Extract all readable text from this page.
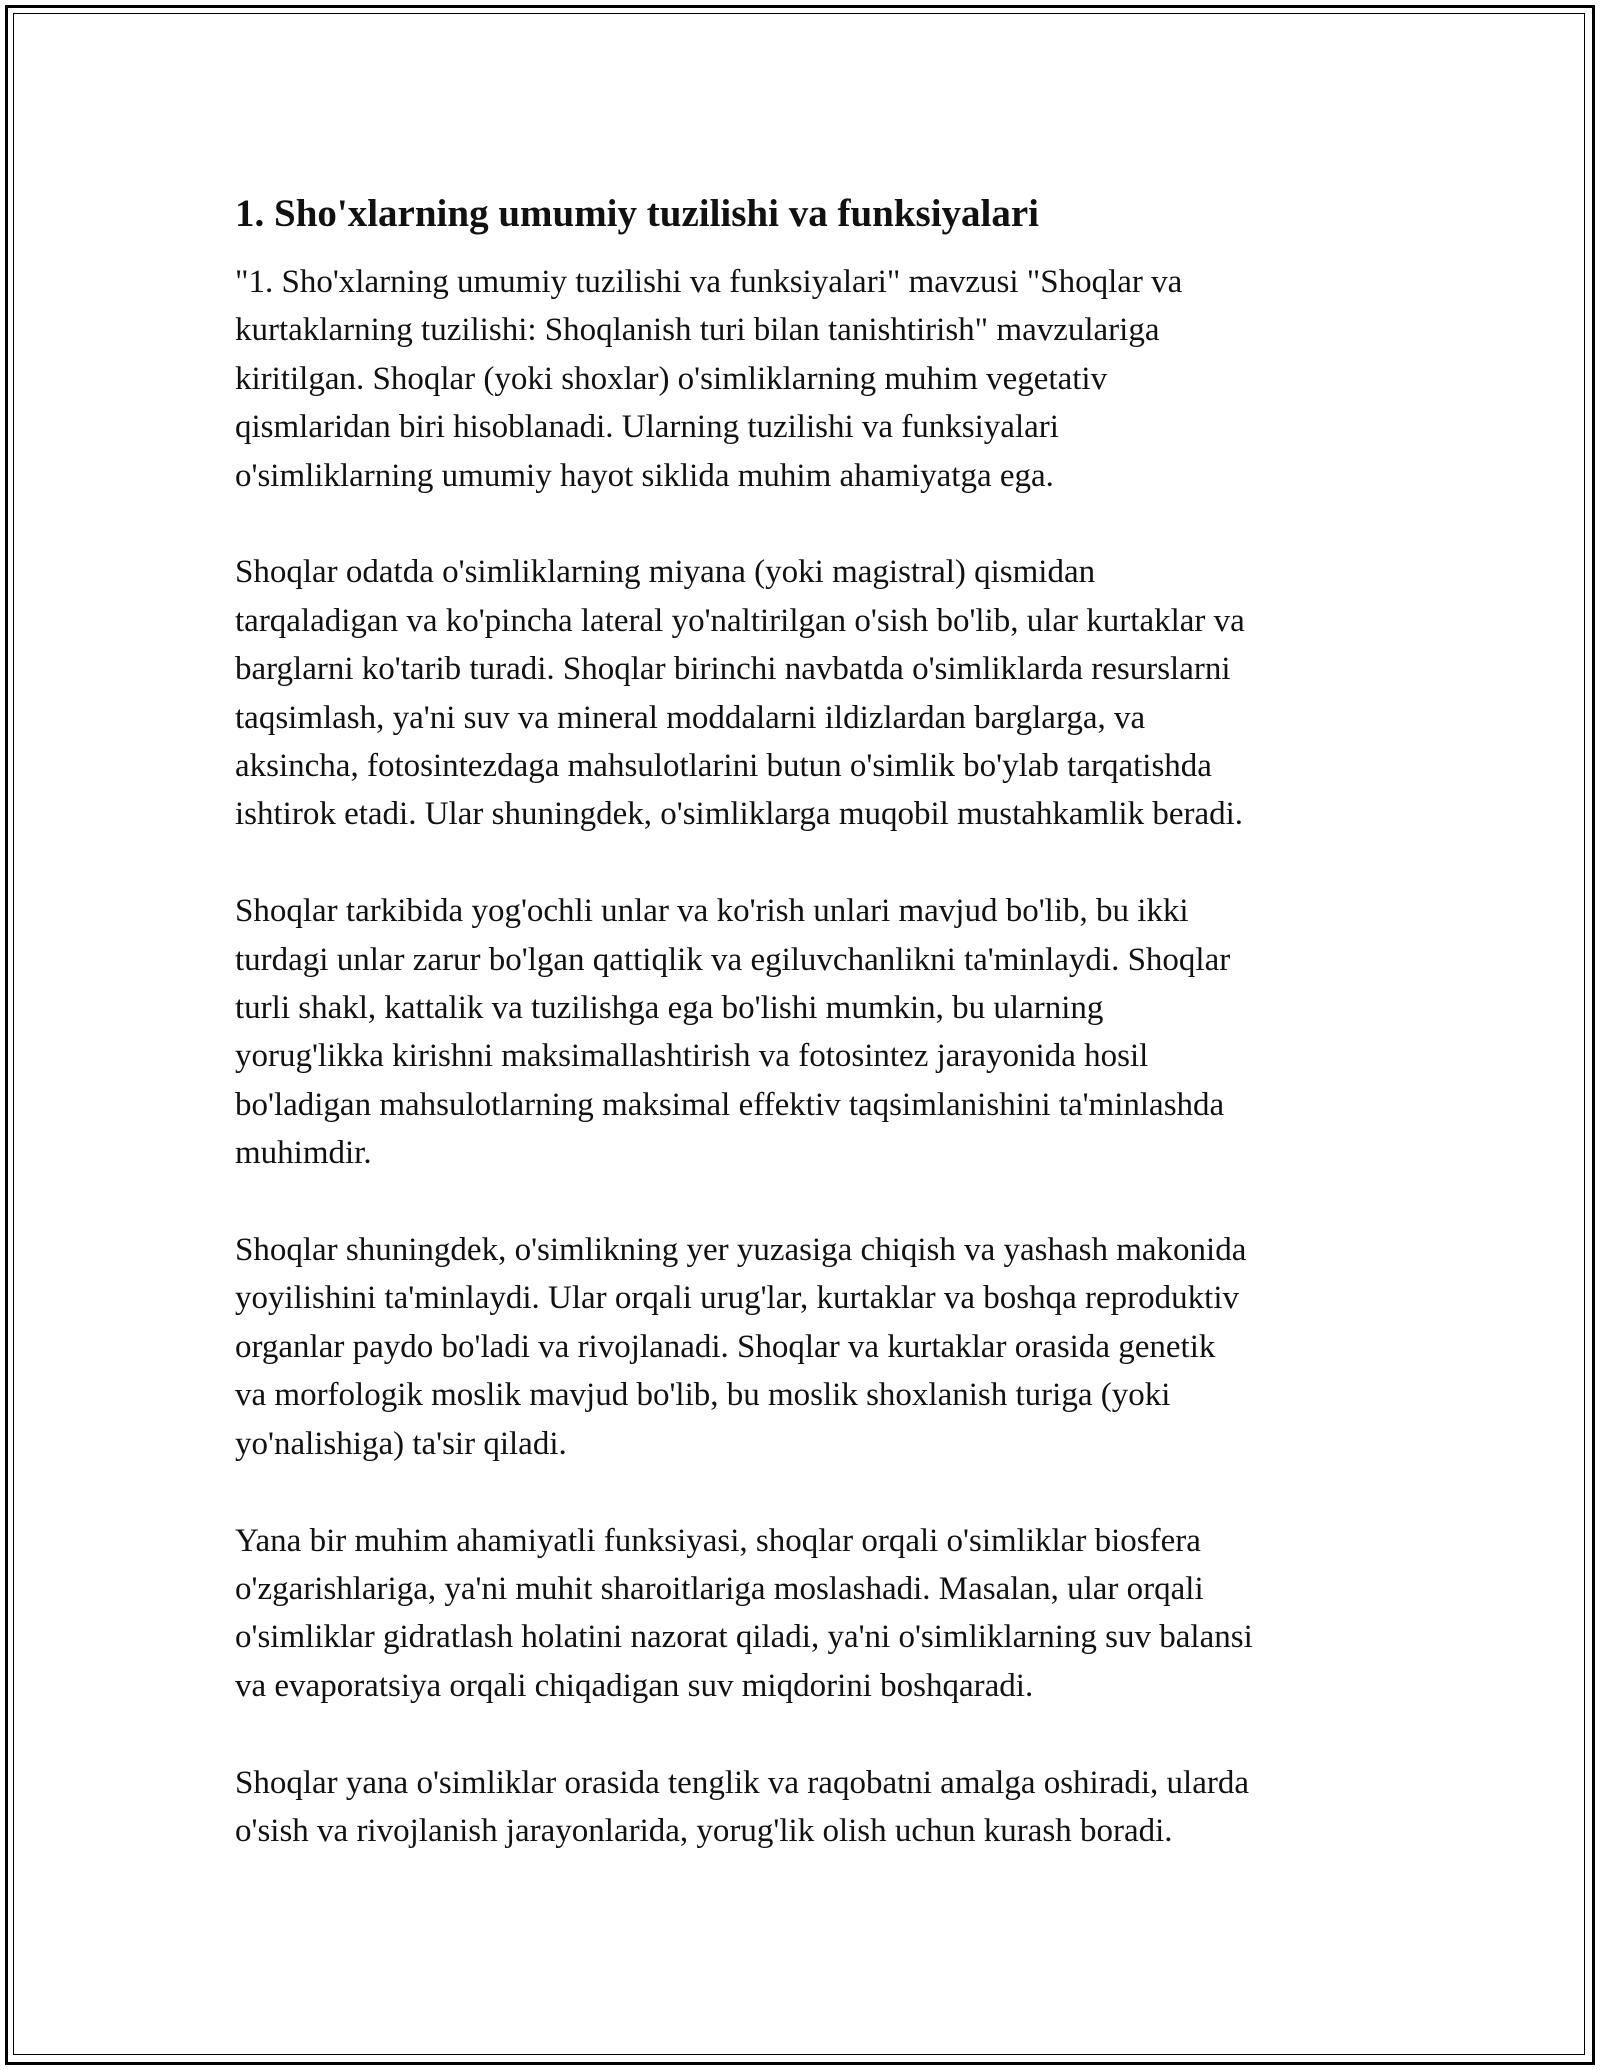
1. Sho'xlarning umumiy tuzilishi va funksiyalari

"1. Sho'xlarning umumiy tuzilishi va funksiyalari" mavzusi "Shoqlar va
kurtaklarning tuzilishi: Shoqlanish turi bilan tanishtirish" mavzulariga
kiritilgan. Shoqlar (yoki shoxlar) o'simliklarning muhim vegetativ
qismlaridan biri hisoblanadi. Ularning tuzilishi va funksiyalari
o'simliklarning umumiy hayot siklida muhim ahamiyatga ega.

Shoqlar odatda o'simliklarning miyana (yoki magistral) qismidan
tarqaladigan va ko'pincha lateral yo'naltirilgan o'sish bo'lib, ular kurtaklar va
barglarni ko'tarib turadi. Shoqlar birinchi navbatda o'simliklarda resurslarni
taqsimlash, ya'ni suv va mineral moddalarni ildizlardan barglarga, va
aksincha, fotosintezdaga mahsulotlarini butun o'simlik bo'ylab tarqatishda
ishtirok etadi. Ular shuningdek, o'simliklarga muqobil mustahkamlik beradi.

Shoqlar tarkibida yog'ochli unlar va ko'rish unlari mavjud bo'lib, bu ikki
turdagi unlar zarur bo'lgan qattiqlik va egiluvchanlikni ta'minlaydi. Shoqlar
turli shakl, kattalik va tuzilishga ega bo'lishi mumkin, bu ularning
yorug'likka kirishni maksimallashtirish va fotosintez jarayonida hosil
bo'ladigan mahsulotlarning maksimal effektiv taqsimlanishini ta'minlashda
muhimdir.

Shoqlar shuningdek, o'simlikning yer yuzasiga chiqish va yashash makonida
yoyilishini ta'minlaydi. Ular orqali urug'lar, kurtaklar va boshqa reproduktiv
organlar paydo bo'ladi va rivojlanadi. Shoqlar va kurtaklar orasida genetik
va morfologik moslik mavjud bo'lib, bu moslik shoxlanish turiga (yoki
yo'nalishiga) ta'sir qiladi.

Yana bir muhim ahamiyatli funksiyasi, shoqlar orqali o'simliklar biosfera
o'zgarishlariga, ya'ni muhit sharoitlariga moslashadi. Masalan, ular orqali
o'simliklar gidratlash holatini nazorat qiladi, ya'ni o'simliklarning suv balansi
va evaporatsiya orqali chiqadigan suv miqdorini boshqaradi.

Shoqlar yana o'simliklar orasida tenglik va raqobatni amalga oshiradi, ularda
o'sish va rivojlanish jarayonlarida, yorug'lik olish uchun kurash boradi.
